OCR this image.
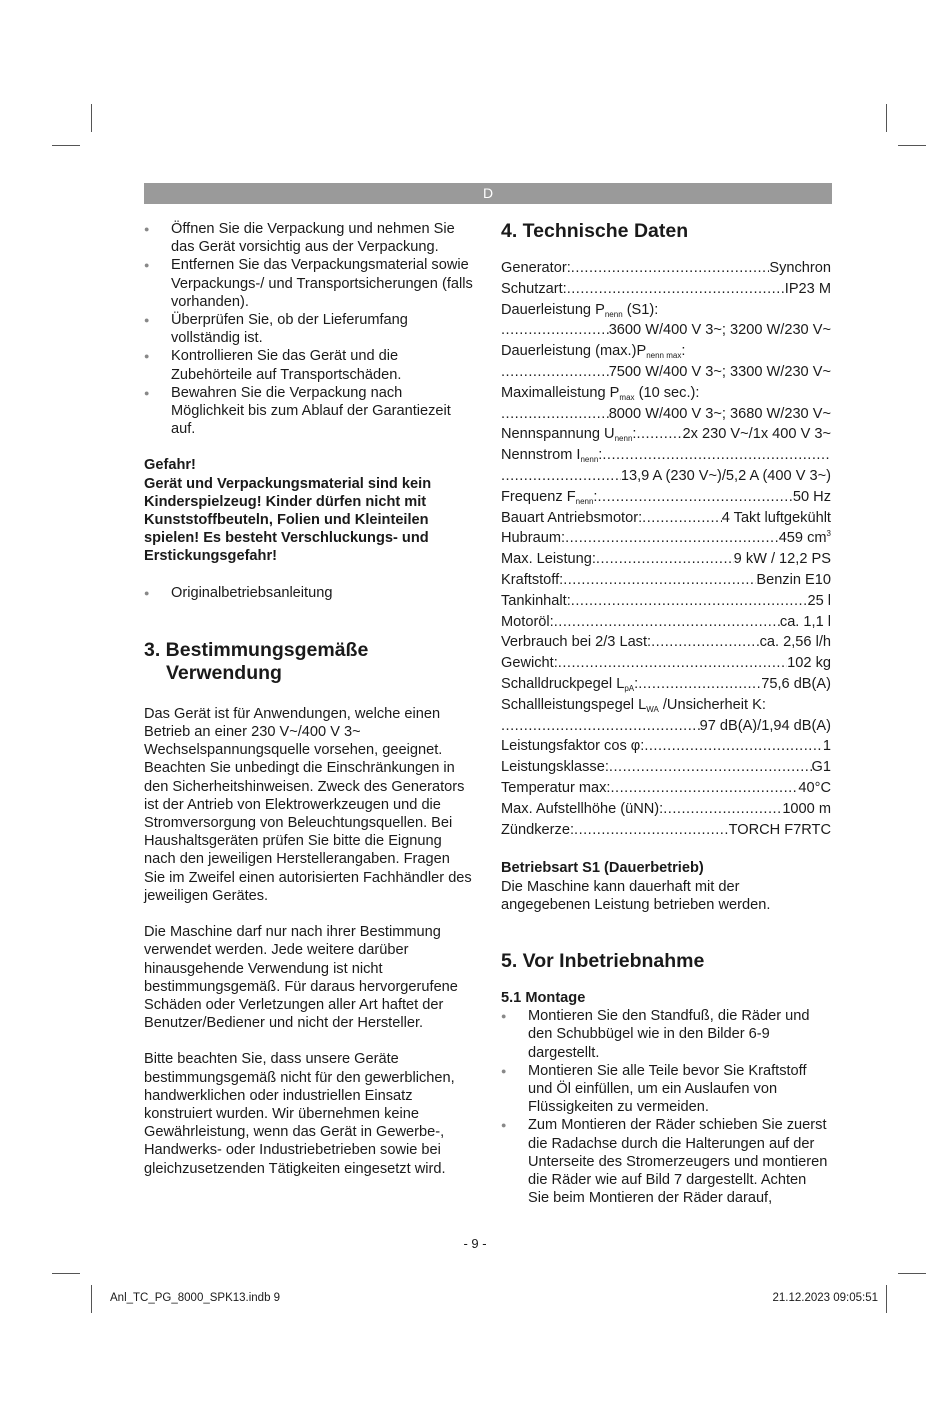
D
● Öffnen Sie die Verpackung und nehmen Sie das Gerät vorsichtig aus der Verpackung.
● Entfernen Sie das Verpackungsmaterial sowie Verpackungs-/ und Transportsicherungen (falls vorhanden).
● Überprüfen Sie, ob der Lieferumfang vollständig ist.
● Kontrollieren Sie das Gerät und die Zubehörteile auf Transportschäden.
● Bewahren Sie die Verpackung nach Möglichkeit bis zum Ablauf der Garantiezeit auf.
Gefahr!
Gerät und Verpackungsmaterial sind kein Kinderspielzeug! Kinder dürfen nicht mit Kunststoffbeuteln, Folien und Kleinteilen spielen! Es besteht Verschluckungs- und Erstickungsgefahr!
● Originalbetriebsanleitung
3. Bestimmungsgemäße
Verwendung

Das Gerät ist für Anwendungen, welche einen Betrieb an einer 230 V~/400 V 3~ Wechselspannungsquelle vorsehen, geeignet. Beachten Sie unbedingt die Einschränkungen in den Sicherheitshinweisen. Zweck des Generators ist der Antrieb von Elektrowerkzeugen und die Stromversorgung von Beleuchtungsquellen. Bei Haushaltsgeräten prüfen Sie bitte die Eignung nach den jeweiligen Herstellerangaben. Fragen Sie im Zweifel einen autorisierten Fachhändler des jeweiligen Gerätes.

Die Maschine darf nur nach ihrer Bestimmung verwendet werden. Jede weitere darüber hinausgehende Verwendung ist nicht bestimmungsgemäß. Für daraus hervorgerufene Schäden oder Verletzungen aller Art haftet der Benutzer/Bediener und nicht der Hersteller.

Bitte beachten Sie, dass unsere Geräte bestimmungsgemäß nicht für den gewerblichen, handwerklichen oder industriellen Einsatz konstruiert wurden. Wir übernehmen keine Gewährleistung, wenn das Gerät in Gewerbe-, Handwerks- oder Industriebetrieben sowie bei gleichzusetzenden Tätigkeiten eingesetzt wird.

4. Technische Daten
Generator: .....	Synchron
Schutzart: .....	IP23 M
Dauerleistung $P_{nenn}$ (S1):
.....
3600 W/400 V 3~; 3200 W/230 V~
Dauerleistung $(\max.)P_{nenn max}$:
.....
7500 W/400 V 3~; 3300 W/230 V~
Maximalleistung $P_{max}$ (10 sec.):
.....
8000 W/400 V 3~; 3680 W/230 V~
Nennspannung $U_{nenn}$: .....	2x 230 V~/1x 400 V 3~
Nennstrom $I_{nenn}$:
.....
.....
13,9 A (230 V~)/5,2 A (400 V 3~)
Frequenz $F_{nenn}$: .....	50 Hz
Bauart Antriebsmotor: .....	4 Takt luftgekühlt
Hubraum: .....	459 $cm^3$
Max. Leistung: .....	9 kW / 12,2 PS
Kraftstoff: .....	Benzin E10
Tankinhalt: .....	25 l
Motoröl: .....	ca. 1,1 l
Verbrauch bei 2/3 Last: .....	ca. 2,56 l/h
Gewicht: .....	102 kg
Schalldruckpegel $L_{pA}$: .....	75,6 dB(A)
Schallleistungspegel $L_{WA}$ /Unsicherheit K:
.....
97 dB(A)/1,94 dB(A)
Leistungsfaktor cos φ: .....	1
Leistungsklasse: .....	G1
Temperatur max: .....	40°C
Max. Aufstellhöhe (üNN): .....	1000 m
Zündkerze: .....	TORCH F7RTC
Betriebsart S1 (Dauerbetrieb)

Die Maschine kann dauerhaft mit der angegebenen Leistung betrieben werden.

5. Vor Inbetriebnahme
5.1 Montage
● Montieren Sie den Standfuß, die Räder und den Schubbügel wie in den Bilder 6-9 dargestellt.
● Montieren Sie alle Teile bevor Sie Kraftstoff und Öl einfüllen, um ein Auslaufen von Flüssigkeiten zu vermeiden.
● Zum Montieren der Räder schieben Sie zuerst die Radachse durch die Halterungen auf der Unterseite des Stromerzeugers und montieren die Räder wie auf Bild 7 dargestellt. Achten Sie beim Montieren der Räder darauf,
- 9 -
Anl_TC_PG_8000_SPK13.indb 9	21.12.2023 09:05:51
